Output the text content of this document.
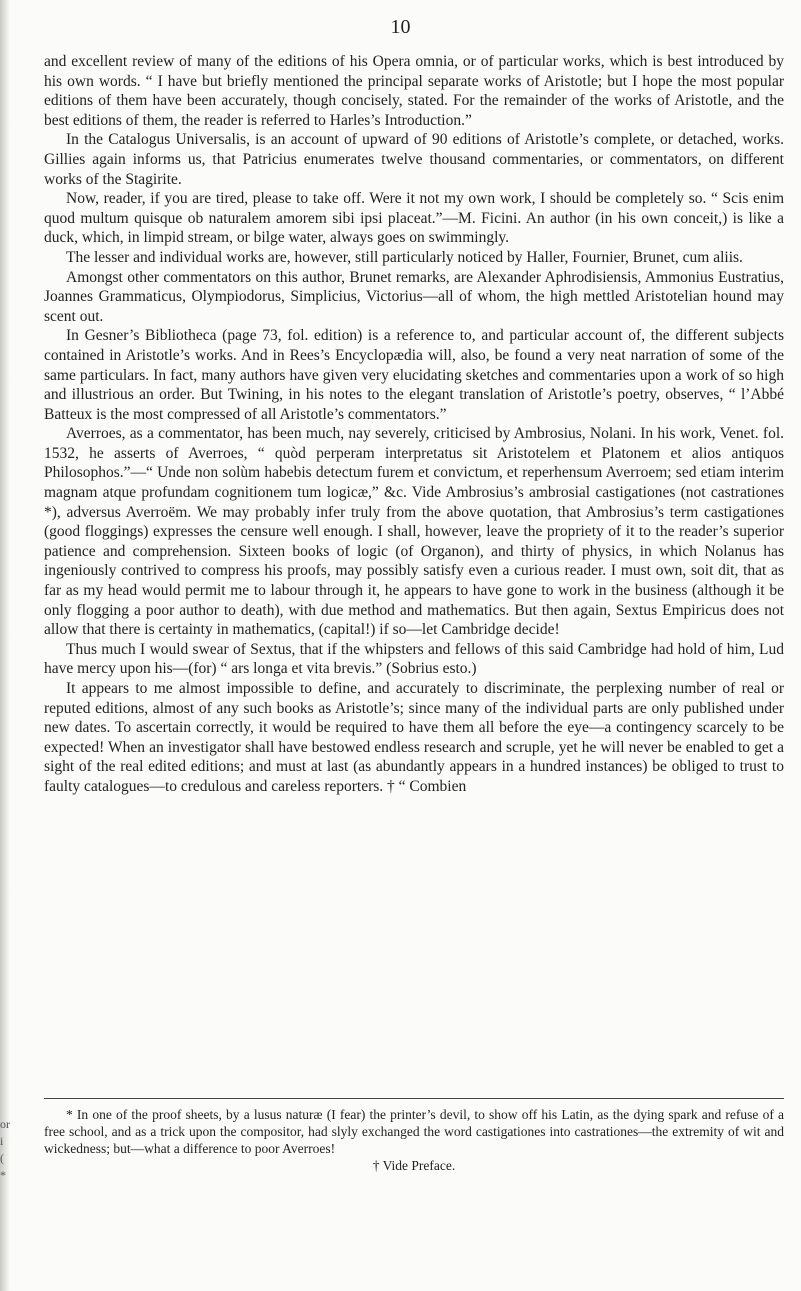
or
i (
*
10

and excellent review of many of the editions of his Opera omnia, or of particular works, which is best introduced by his own words. “ I have but briefly mentioned the principal separate works of Aristotle; but I hope the most popular editions of them have been accurately, though concisely, stated. For the remainder of the works of Aristotle, and the best editions of them, the reader is referred to Harles’s Introduction.”

In the Catalogus Universalis, is an account of upward of 90 editions of Aristotle’s complete, or detached, works. Gillies again informs us, that Patricius enumerates twelve thousand commentaries, or commentators, on different works of the Stagirite.

Now, reader, if you are tired, please to take off. Were it not my own work, I should be completely so. “ Scis enim quod multum quisque ob naturalem amorem sibi ipsi placeat.”—M. Ficini. An author (in his own conceit,) is like a duck, which, in limpid stream, or bilge water, always goes on swimmingly.

The lesser and individual works are, however, still particularly noticed by Haller, Fournier, Brunet, cum aliis.

Amongst other commentators on this author, Brunet remarks, are Alexander Aphrodisiensis, Ammonius Eustratius, Joannes Grammaticus, Olympiodorus, Simplicius, Victorius—all of whom, the high mettled Aristotelian hound may scent out.

In Gesner’s Bibliotheca (page 73, fol. edition) is a reference to, and particular account of, the different subjects contained in Aristotle’s works. And in Rees’s Encyclopædia will, also, be found a very neat narration of some of the same particulars. In fact, many authors have given very elucidating sketches and commentaries upon a work of so high and illustrious an order. But Twining, in his notes to the elegant translation of Aristotle’s poetry, observes, “ l’Abbé Batteux is the most compressed of all Aristotle’s commentators.”

Averroes, as a commentator, has been much, nay severely, criticised by Ambrosius, Nolani. In his work, Venet. fol. 1532, he asserts of Averroes, “ quòd perperam interpretatus sit Aristotelem et Platonem et alios antiquos Philosophos.”—“ Unde non solùm habebis detectum furem et convictum, et reperhensum Averroem; sed etiam interim magnam atque profundam cognitionem tum logicæ,” &c. Vide Ambrosius’s ambrosial castigationes (not castrationes *), adversus Averroëm. We may probably infer truly from the above quotation, that Ambrosius’s term castigationes (good floggings) expresses the censure well enough. I shall, however, leave the propriety of it to the reader’s superior patience and comprehension. Sixteen books of logic (of Organon), and thirty of physics, in which Nolanus has ingeniously contrived to compress his proofs, may possibly satisfy even a curious reader. I must own, soit dit, that as far as my head would permit me to labour through it, he appears to have gone to work in the business (although it be only flogging a poor author to death), with due method and mathematics. But then again, Sextus Empiricus does not allow that there is certainty in mathematics, (capital!) if so—let Cambridge decide!

Thus much I would swear of Sextus, that if the whipsters and fellows of this said Cambridge had hold of him, Lud have mercy upon his—(for) “ ars longa et vita brevis.” (Sobrius esto.)

It appears to me almost impossible to define, and accurately to discriminate, the perplexing number of real or reputed editions, almost of any such books as Aristotle’s; since many of the individual parts are only published under new dates. To ascertain correctly, it would be required to have them all before the eye—a contingency scarcely to be expected! When an investigator shall have bestowed endless research and scruple, yet he will never be enabled to get a sight of the real edited editions; and must at last (as abundantly appears in a hundred instances) be obliged to trust to faulty catalogues—to credulous and careless reporters. † “ Combien

* In one of the proof sheets, by a lusus naturæ (I fear) the printer’s devil, to show off his Latin, as the dying spark and refuse of a free school, and as a trick upon the compositor, had slyly exchanged the word castigationes into castrationes—the extremity of wit and wickedness; but—what a difference to poor Averroes!

† Vide Preface.
